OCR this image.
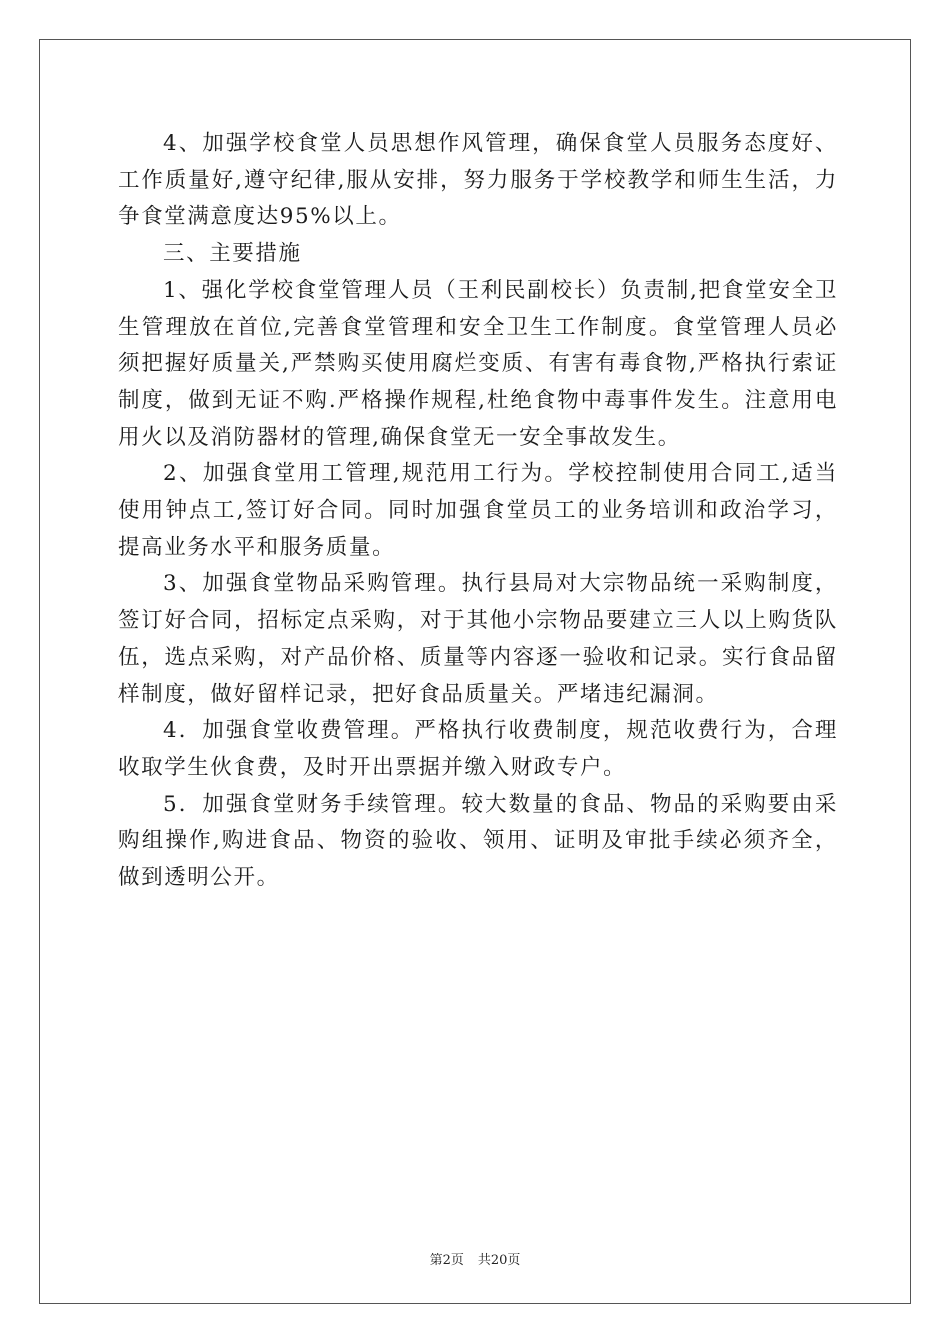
4、加强学校食堂人员思想作风管理，确保食堂人员服务态度好、工作质量好,遵守纪律,服从安排，努力服务于学校教学和师生生活，力争食堂满意度达95%以上。

三、主要措施

1、强化学校食堂管理人员（王利民副校长）负责制,把食堂安全卫生管理放在首位,完善食堂管理和安全卫生工作制度。食堂管理人员必须把握好质量关,严禁购买使用腐烂变质、有害有毒食物,严格执行索证制度，做到无证不购.严格操作规程,杜绝食物中毒事件发生。注意用电用火以及消防器材的管理,确保食堂无一安全事故发生。

2、加强食堂用工管理,规范用工行为。学校控制使用合同工,适当使用钟点工,签订好合同。同时加强食堂员工的业务培训和政治学习，提高业务水平和服务质量。

3、加强食堂物品采购管理。执行县局对大宗物品统一采购制度，签订好合同，招标定点采购，对于其他小宗物品要建立三人以上购货队伍，选点采购，对产品价格、质量等内容逐一验收和记录。实行食品留样制度，做好留样记录，把好食品质量关。严堵违纪漏洞。

4．加强食堂收费管理。严格执行收费制度，规范收费行为，合理收取学生伙食费，及时开出票据并缴入财政专户。

5．加强食堂财务手续管理。较大数量的食品、物品的采购要由采购组操作,购进食品、物资的验收、领用、证明及审批手续必须齐全，做到透明公开。

第2页 共20页
